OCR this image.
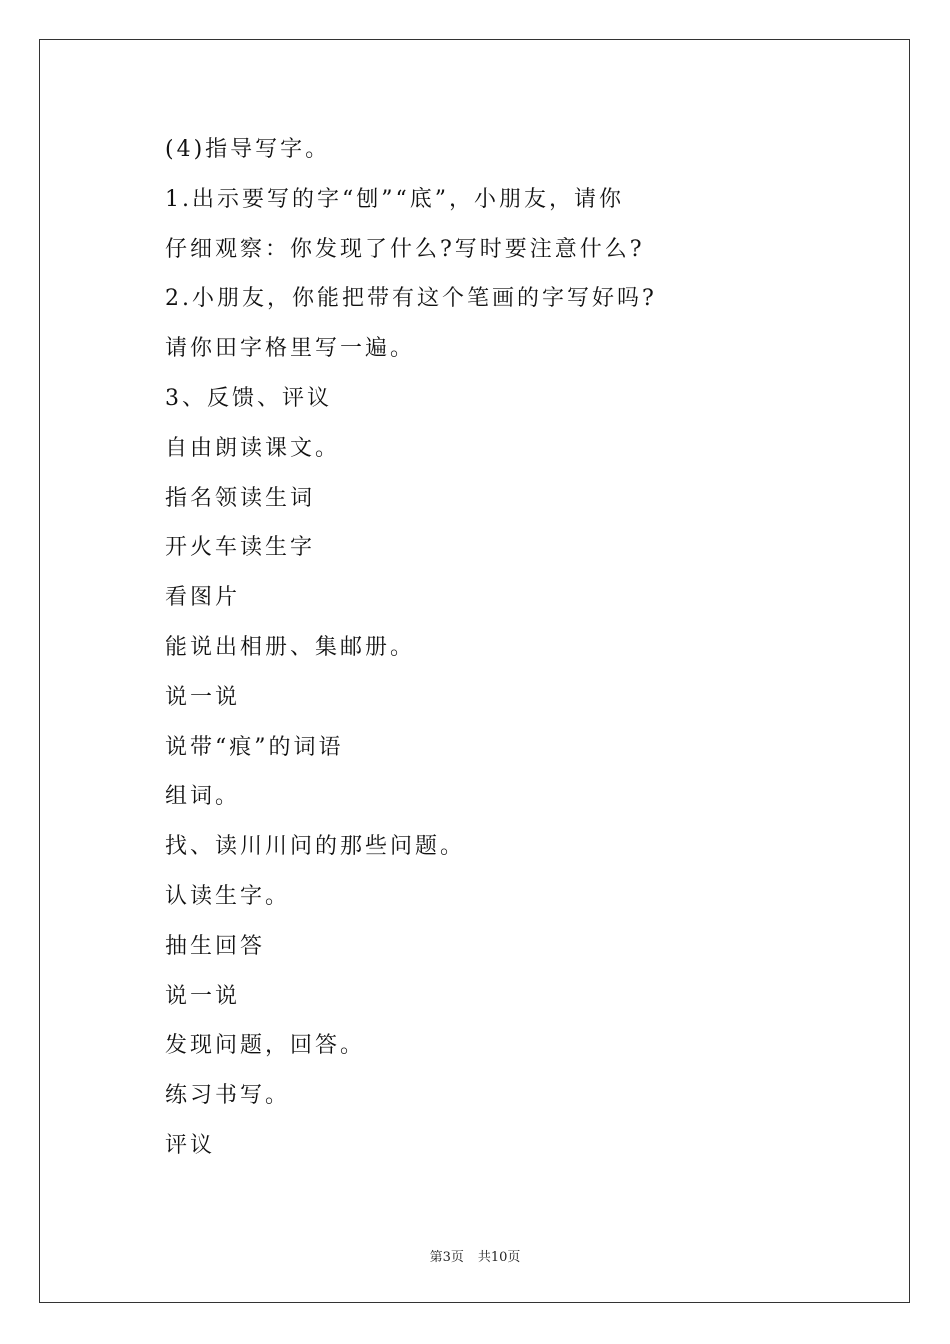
(4)指导写字。
1.出示要写的字“刨”“底”，小朋友，请你
仔细观察：你发现了什么?写时要注意什么?
2.小朋友，你能把带有这个笔画的字写好吗?
请你田字格里写一遍。
3、反馈、评议
自由朗读课文。
指名领读生词
开火车读生字
看图片
能说出相册、集邮册。
说一说
说带“痕”的词语
组词。
找、读川川问的那些问题。
认读生字。
抽生回答
说一说
发现问题，回答。
练习书写。
评议
第3页 共10页
